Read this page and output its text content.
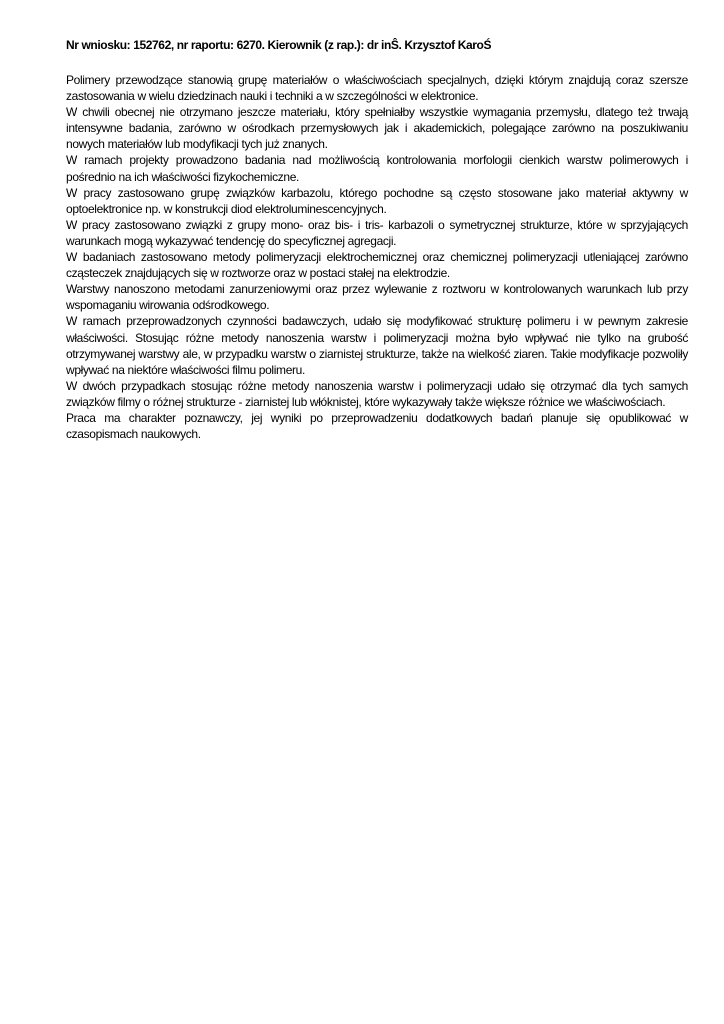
Nr wniosku: 152762, nr raportu: 6270. Kierownik (z rap.): dr inŜ. Krzysztof KaroŚ

Polimery przewodzące stanowią grupę materiałów o właściwościach specjalnych, dzięki którym znajdują coraz szersze zastosowania w wielu dziedzinach nauki i techniki a w szczególności w elektronice.

W chwili obecnej nie otrzymano jeszcze materiału, który spełniałby wszystkie wymagania przemysłu, dlatego też trwają intensywne badania, zarówno w ośrodkach przemysłowych jak i akademickich, polegające zarówno na poszukiwaniu nowych materiałów lub modyfikacji tych już znanych.

W ramach projekty prowadzono badania nad możliwością kontrolowania morfologii cienkich warstw polimerowych i pośrednio na ich właściwości fizykochemiczne.

W pracy zastosowano grupę związków karbazolu, którego pochodne są często stosowane jako materiał aktywny w optoelektronice np. w konstrukcji diod elektroluminescencyjnych.

W pracy zastosowano związki z grupy mono- oraz bis- i tris- karbazoli o symetrycznej strukturze, które w sprzyjających warunkach mogą wykazywać tendencję do specyficznej agregacji.

W badaniach zastosowano metody polimeryzacji elektrochemicznej oraz chemicznej polimeryzacji utleniającej zarówno cząsteczek znajdujących się w roztworze oraz w postaci stałej na elektrodzie.

Warstwy nanoszono metodami zanurzeniowymi oraz przez wylewanie z roztworu w kontrolowanych warunkach lub przy wspomaganiu wirowania odśrodkowego.

W ramach przeprowadzonych czynności badawczych, udało się modyfikować strukturę polimeru i w pewnym zakresie właściwości. Stosując różne metody nanoszenia warstw i polimeryzacji można było wpływać nie tylko na grubość otrzymywanej warstwy ale, w przypadku warstw o ziarnistej strukturze, także na wielkość ziaren. Takie modyfikacje pozwoliły wpływać na niektóre właściwości filmu polimeru.

W dwóch przypadkach stosując różne metody nanoszenia warstw i polimeryzacji udało się otrzymać dla tych samych związków filmy o różnej strukturze - ziarnistej lub włóknistej, które wykazywały także większe różnice we właściwościach.

Praca ma charakter poznawczy, jej wyniki po przeprowadzeniu dodatkowych badań planuje się opublikować w czasopismach naukowych.
